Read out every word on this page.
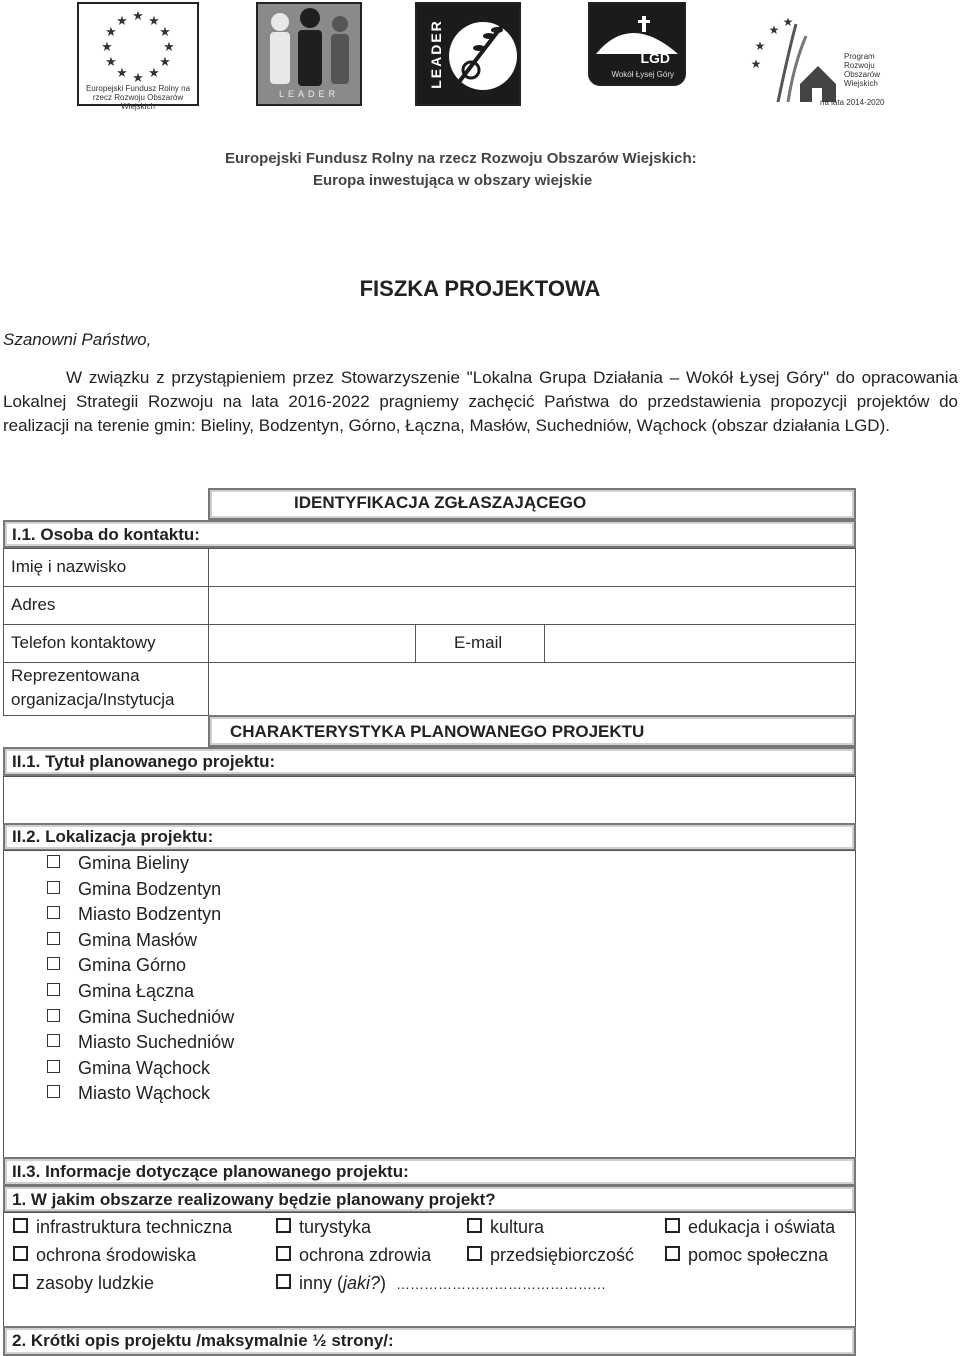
★ ★
★
★
★
★
★
★
★
★
★
★
Europejski Fundusz Rolny na rzecz Rozwoju Obszarów Wiejskich
LEADER
LEADER	LGD
Wokół Łysej Góry
★
★
★
★
Program
Rozwoju
Obszarów
Wiejskich
na lata 2014-2020
Europejski Fundusz Rolny na rzecz Rozwoju Obszarów Wiejskich:
Europa inwestująca w obszary wiejskie
FISZKA PROJEKTOWA
Szanowni Państwo,
W związku z przystąpieniem przez Stowarzyszenie "Lokalna Grupa Działania – Wokół Łysej Góry" do opracowania Lokalnej Strategii Rozwoju na lata 2016-2022 pragniemy zachęcić Państwa do przedstawienia propozycji projektów do realizacji na terenie gmin: Bieliny, Bodzentyn, Górno, Łączna, Masłów, Suchedniów, Wąchock (obszar działania LGD).
IDENTYFIKACJA ZGŁASZAJĄCEGO
I.1. Osoba do kontaktu:
Imię i nazwisko
Adres
Telefon kontaktowy	E-mail
Reprezentowana
organizacja/Instytucja
CHARAKTERYSTYKA PLANOWANEGO PROJEKTU
II.1. Tytuł planowanego projektu:
II.2. Lokalizacja projektu:
Gmina Bieliny
Gmina Bodzentyn
Miasto Bodzentyn
Gmina Masłów
Gmina Górno
Gmina Łączna
Gmina Suchedniów
Miasto Suchedniów
Gmina Wąchock
Miasto Wąchock
II.3. Informacje dotyczące planowanego projektu:
1. W jakim obszarze realizowany będzie planowany projekt?
infrastruktura techniczna	turystyka	kultura	edukacja i oświata
ochrona środowiska	ochrona zdrowia	przedsiębiorczość	pomoc społeczna
zasoby ludzkie	inny (jaki?) ………………………………………
2. Krótki opis projektu /maksymalnie ½ strony/:
